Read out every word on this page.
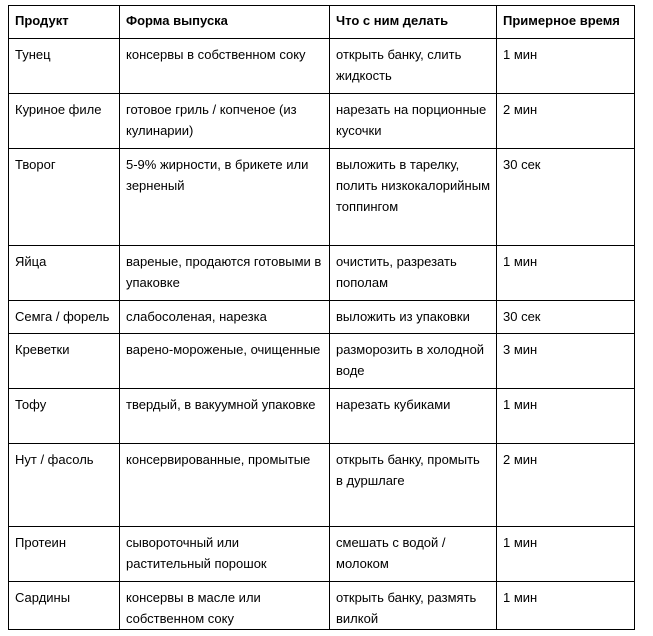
Продукт	Форма выпуска	Что с ним делать	Примерное время
Тунец	консервы в собственном соку	открыть банку, слить жидкость	1 мин
Куриное филе	готовое гриль / копченое (из кулинарии)	нарезать на порционные кусочки	2 мин
Творог	5-9% жирности, в брикете или зерненый	выложить в тарелку, полить низкокалорийным топпингом	30 сек
Яйца	вареные, продаются готовыми в упаковке	очистить, разрезать пополам	1 мин
Семга / форель	слабосоленая, нарезка	выложить из упаковки	30 сек
Креветки	варено-мороженые, очищенные	разморозить в холодной воде	3 мин
Тофу	твердый, в вакуумной упаковке	нарезать кубиками	1 мин
Нут / фасоль	консервированные, промытые	открыть банку, промыть в дуршлаге	2 мин
Протеин	сывороточный или растительный порошок	смешать с водой / молоком	1 мин
Сардины	консервы в масле или собственном соку	открыть банку, размять вилкой	1 мин
